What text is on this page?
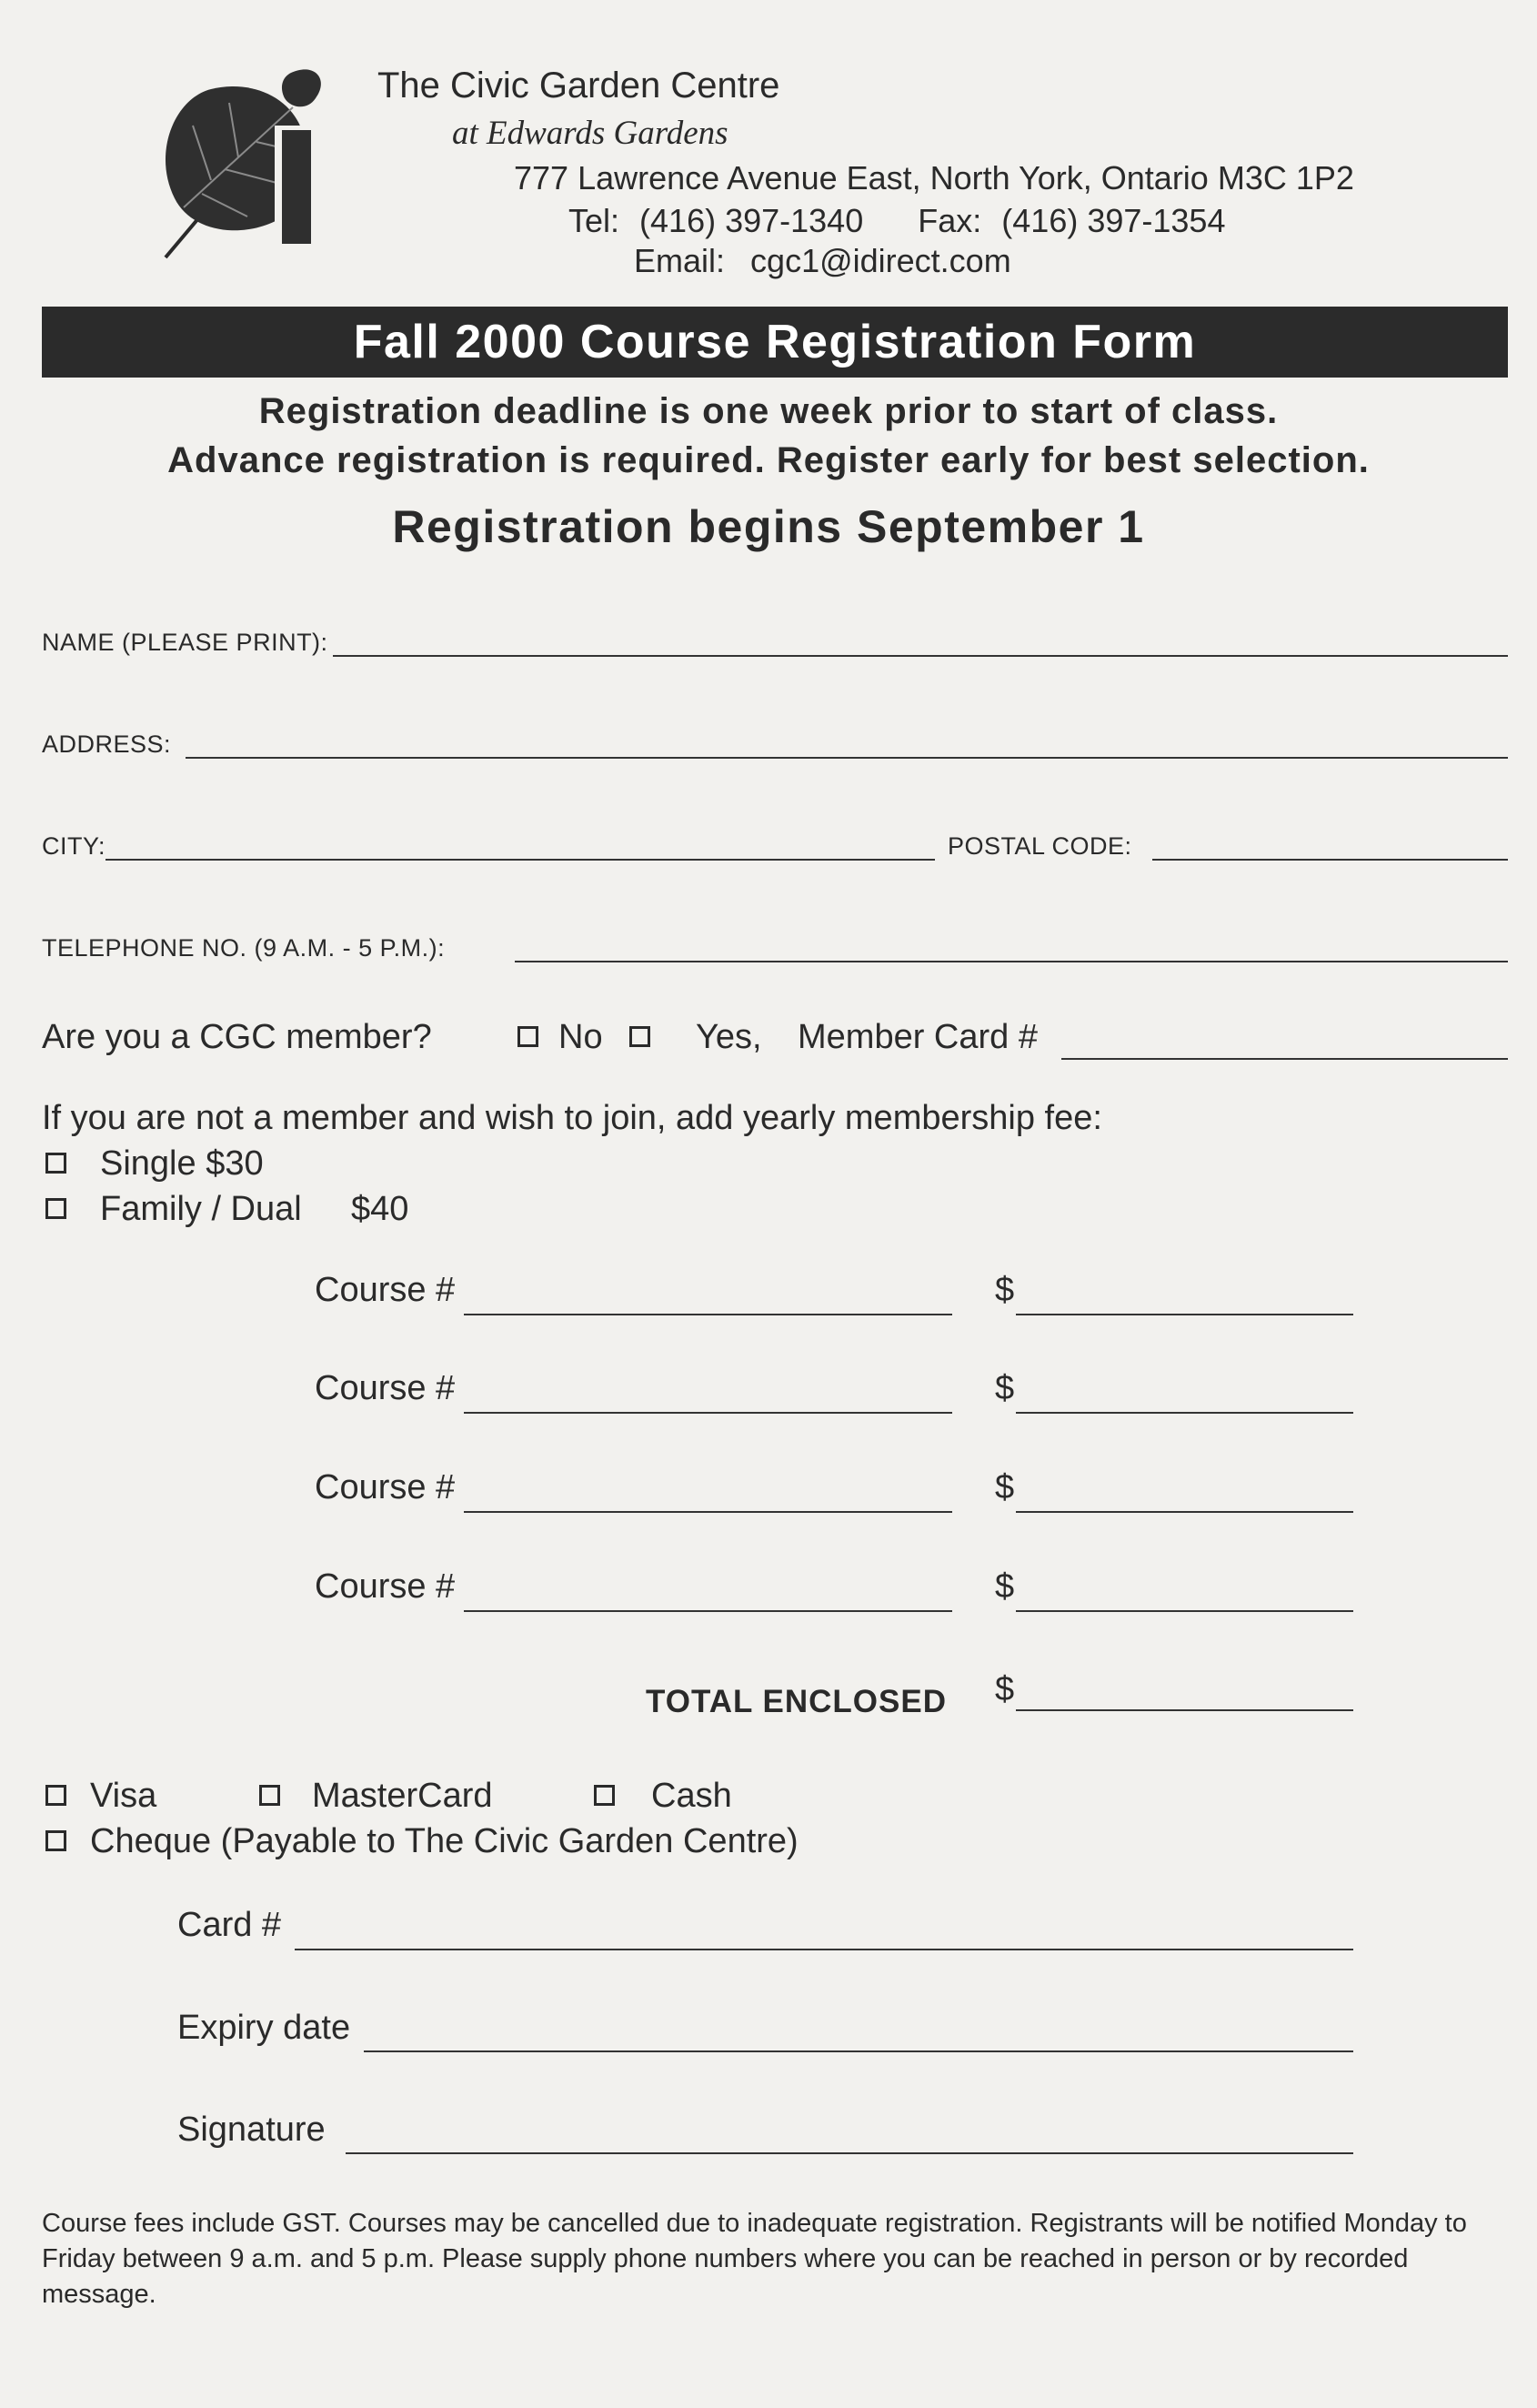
The Civic Garden Centre
at Edwards Gardens
777 Lawrence Avenue East, North York, Ontario M3C 1P2
Tel: (416) 397-1340 Fax: (416) 397-1354
Email: cgc1@idirect.com
Fall 2000 Course Registration Form
Registration deadline is one week prior to start of class.
Advance registration is required. Register early for best selection.
Registration begins September 1
NAME (PLEASE PRINT):
ADDRESS:
CITY:	POSTAL CODE:
TELEPHONE NO. (9 A.M. - 5 P.M.):
Are you a CGC member?	No	Yes, Member Card #
If you are not a member and wish to join, add yearly membership fee:
Single $30
Family / Dual $40
Course #	$
Course #	$
Course #	$
Course #	$
TOTAL ENCLOSED $
Visa	MasterCard	Cash
Cheque (Payable to The Civic Garden Centre)
Card #
Expiry date
Signature
Course fees include GST. Courses may be cancelled due to inadequate registration. Registrants will be notified Monday to Friday between 9 a.m. and 5 p.m. Please supply phone numbers where you can be reached in person or by recorded message.
